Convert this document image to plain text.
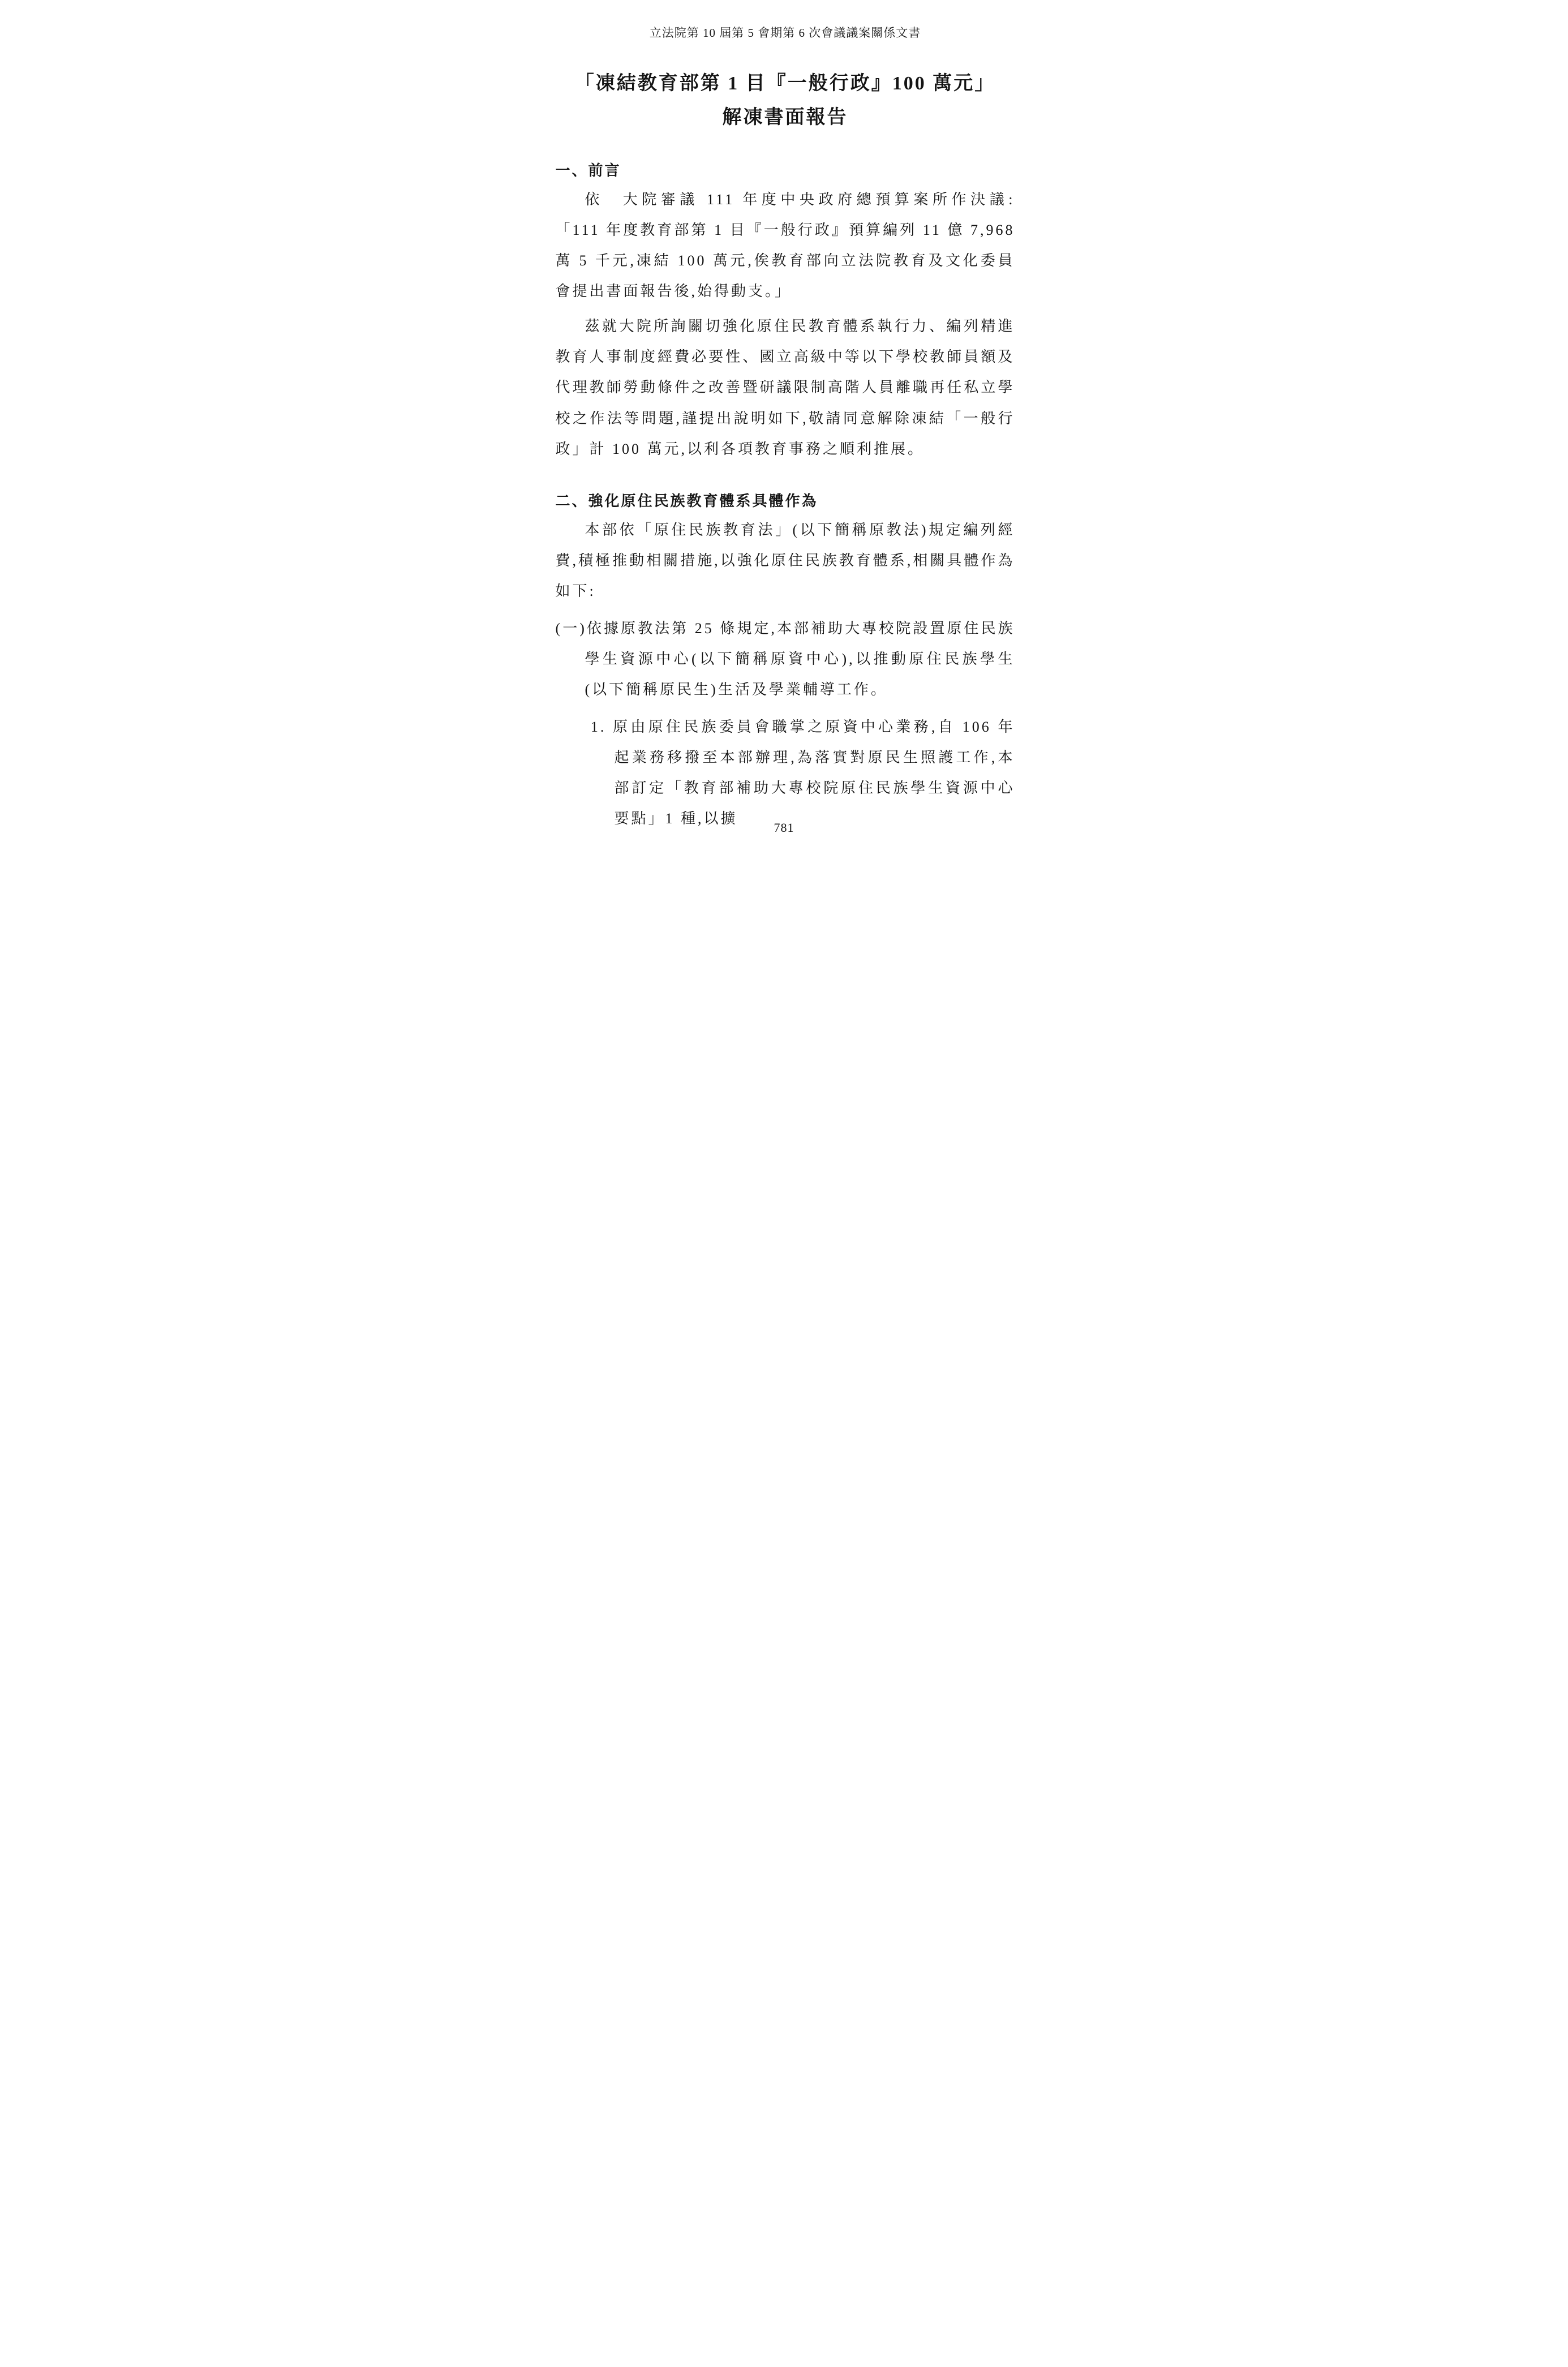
立法院第 10 屆第 5 會期第 6 次會議議案關係文書
「凍結教育部第 1 目『一般行政』100 萬元」
解凍書面報告
一、前言

依　大院審議 111 年度中央政府總預算案所作決議:「111 年度教育部第 1 目『一般行政』預算編列 11 億 7,968 萬 5 千元,凍結 100 萬元,俟教育部向立法院教育及文化委員會提出書面報告後,始得動支。」

茲就大院所詢關切強化原住民教育體系執行力、編列精進教育人事制度經費必要性、國立高級中等以下學校教師員額及代理教師勞動條件之改善暨研議限制高階人員離職再任私立學校之作法等問題,謹提出說明如下,敬請同意解除凍結「一般行政」計 100 萬元,以利各項教育事務之順利推展。

二、強化原住民族教育體系具體作為

本部依「原住民族教育法」(以下簡稱原教法)規定編列經費,積極推動相關措施,以強化原住民族教育體系,相關具體作為如下:

(一)依據原教法第 25 條規定,本部補助大專校院設置原住民族學生資源中心(以下簡稱原資中心),以推動原住民族學生(以下簡稱原民生)生活及學業輔導工作。

1. 原由原住民族委員會職掌之原資中心業務,自 106 年起業務移撥至本部辦理,為落實對原民生照護工作,本部訂定「教育部補助大專校院原住民族學生資源中心要點」1 種,以擴

781
